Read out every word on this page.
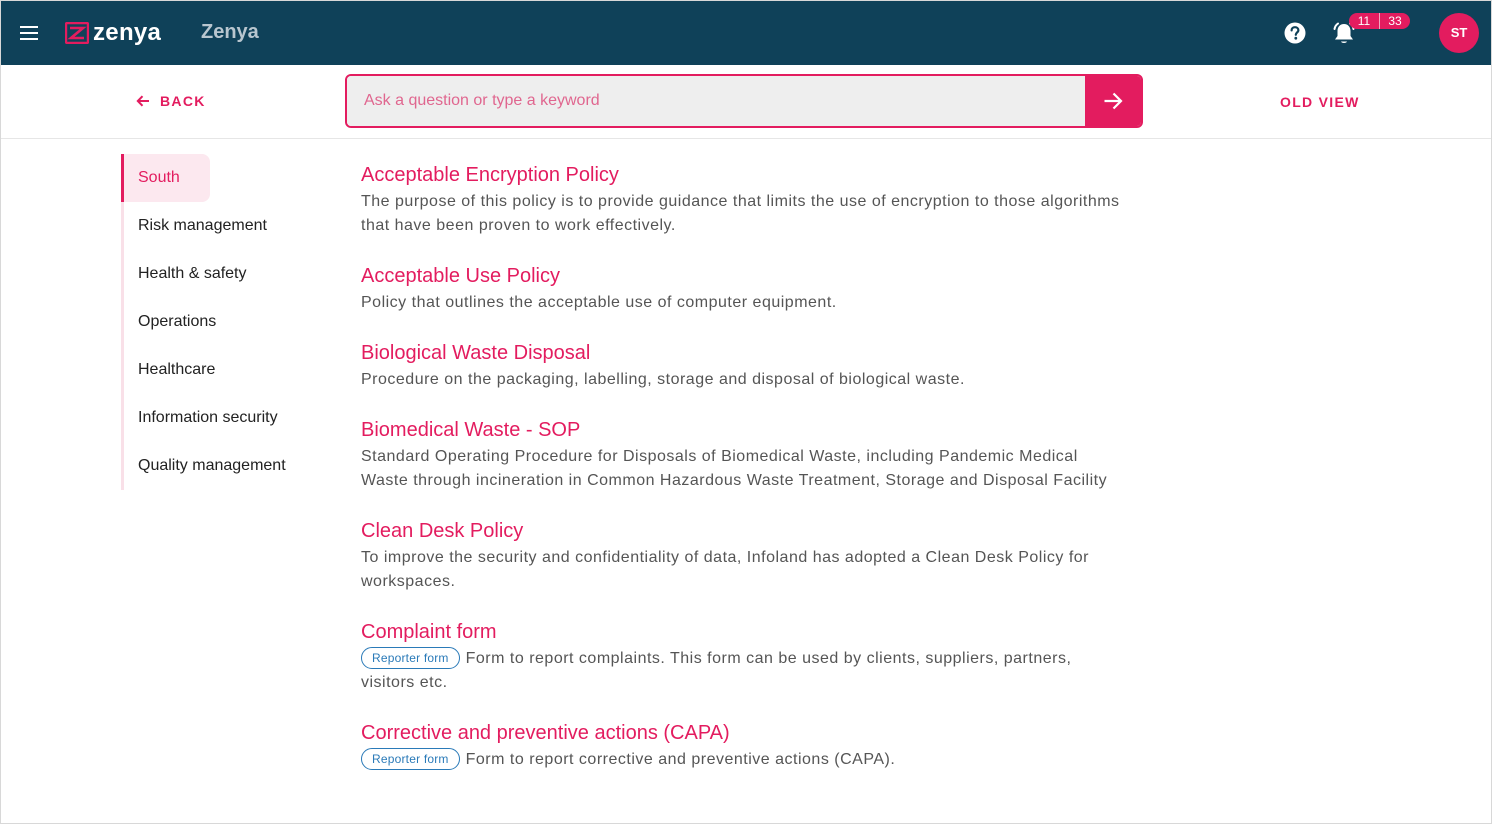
zenya Zenya	11	33
ST
BACK
Ask a question or type a keyword	OLD VIEW
South
Risk management
Health & safety
Operations
Healthcare
Information security
Quality management
Acceptable Encryption Policy
The purpose of this policy is to provide guidance that limits the use of encryption to those algorithms that have been proven to work effectively.
Acceptable Use Policy
Policy that outlines the acceptable use of computer equipment.
Biological Waste Disposal
Procedure on the packaging, labelling, storage and disposal of biological waste.
Biomedical Waste - SOP
Standard Operating Procedure for Disposals of Biomedical Waste, including Pandemic Medical Waste through incineration in Common Hazardous Waste Treatment, Storage and Disposal Facility
Clean Desk Policy
To improve the security and confidentiality of data, Infoland has adopted a Clean Desk Policy for workspaces.
Complaint form
Reporter form Form to report complaints. This form can be used by clients, suppliers, partners, visitors etc.
Corrective and preventive actions (CAPA)
Reporter form Form to report corrective and preventive actions (CAPA).
